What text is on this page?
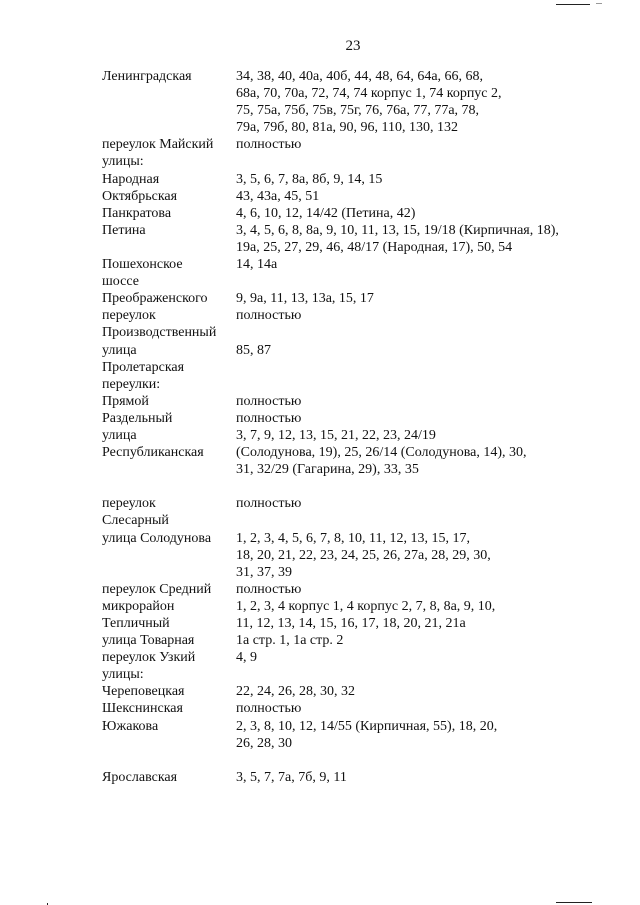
23
Ленинградская	34, 38, 40, 40а, 40б, 44, 48, 64, 64а, 66, 68,
68а, 70, 70а, 72, 74, 74 корпус 1, 74 корпус 2,
75, 75а, 75б, 75в, 75г, 76, 76а, 77, 77а, 78,
79а, 79б, 80, 81а, 90, 96, 110, 130, 132
переулок Майский полностью
улицы:
Народная	3, 5, 6, 7, 8а, 8б, 9, 14, 15
Октябрьская	43, 43а, 45, 51
Панкратова	4, 6, 10, 12, 14/42 (Петина, 42)
Петина	3, 4, 5, 6, 8, 8а, 9, 10, 11, 13, 15, 19/18 (Кирпичная, 18),
19а, 25, 27, 29, 46, 48/17 (Народная, 17), 50, 54
Пошехонское	14, 14а
шоссе
Преображенского 9, 9а, 11, 13, 13а, 15, 17
переулок	полностью
Производственный
улица	85, 87
Пролетарская
переулки:
Прямой	полностью
Раздельный	полностью
улица	3, 7, 9, 12, 13, 15, 21, 22, 23, 24/19
Республиканская (Солодунова, 19), 25, 26/14 (Солодунова, 14), 30,
31, 32/29 (Гагарина, 29), 33, 35
переулок	полностью
Слесарный
улица Солодунова 1, 2, 3, 4, 5, 6, 7, 8, 10, 11, 12, 13, 15, 17,
18, 20, 21, 22, 23, 24, 25, 26, 27а, 28, 29, 30,
31, 37, 39
переулок Средний полностью
микрорайон	1, 2, 3, 4 корпус 1, 4 корпус 2, 7, 8, 8а, 9, 10,
Тепличный	11, 12, 13, 14, 15, 16, 17, 18, 20, 21, 21а
улица Товарная	1а стр. 1, 1а стр. 2
переулок Узкий	4, 9
улицы:
Череповецкая	22, 24, 26, 28, 30, 32
Шекснинская	полностью
Южакова	2, 3, 8, 10, 12, 14/55 (Кирпичная, 55), 18, 20,
26, 28, 30
Ярославская	3, 5, 7, 7а, 7б, 9, 11
